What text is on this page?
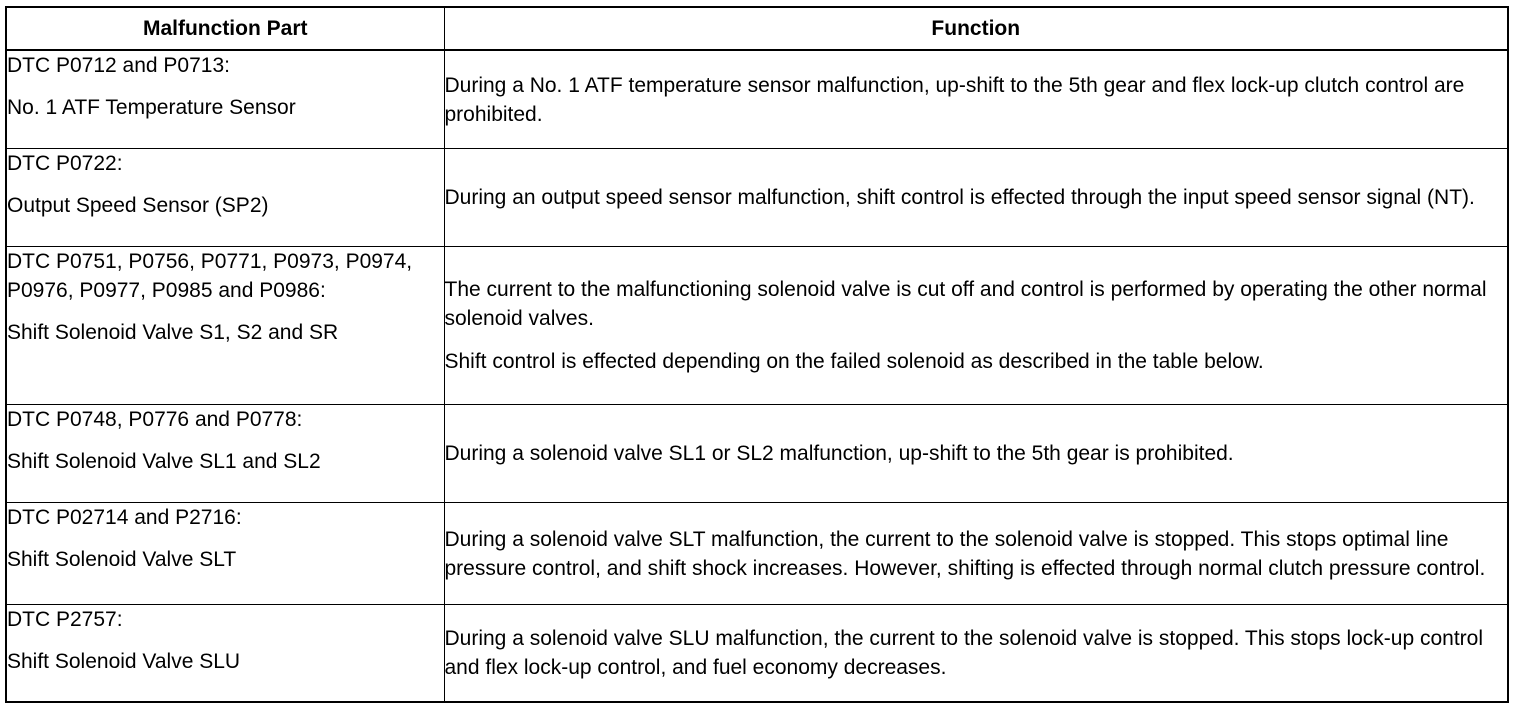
Malfunction Part	Function

DTC P0712 and P0713:
No. 1 ATF Temperature Sensor	During a No. 1 ATF temperature sensor malfunction, up-shift to the 5th gear and flex lock-up clutch control are prohibited.

DTC P0722:
Output Speed Sensor (SP2)	During an output speed sensor malfunction, shift control is effected through the input speed sensor signal (NT).

DTC P0751, P0756, P0771, P0973, P0974, P0976, P0977, P0985 and P0986:
Shift Solenoid Valve S1, S2 and SR	The current to the malfunctioning solenoid valve is cut off and control is performed by operating the other normal solenoid valves.
Shift control is effected depending on the failed solenoid as described in the table below.

DTC P0748, P0776 and P0778:
Shift Solenoid Valve SL1 and SL2	During a solenoid valve SL1 or SL2 malfunction, up-shift to the 5th gear is prohibited.

DTC P02714 and P2716:
Shift Solenoid Valve SLT	During a solenoid valve SLT malfunction, the current to the solenoid valve is stopped. This stops optimal line pressure control, and shift shock increases. However, shifting is effected through normal clutch pressure control.

DTC P2757:
Shift Solenoid Valve SLU	During a solenoid valve SLU malfunction, the current to the solenoid valve is stopped. This stops lock-up control and flex lock-up control, and fuel economy decreases.
